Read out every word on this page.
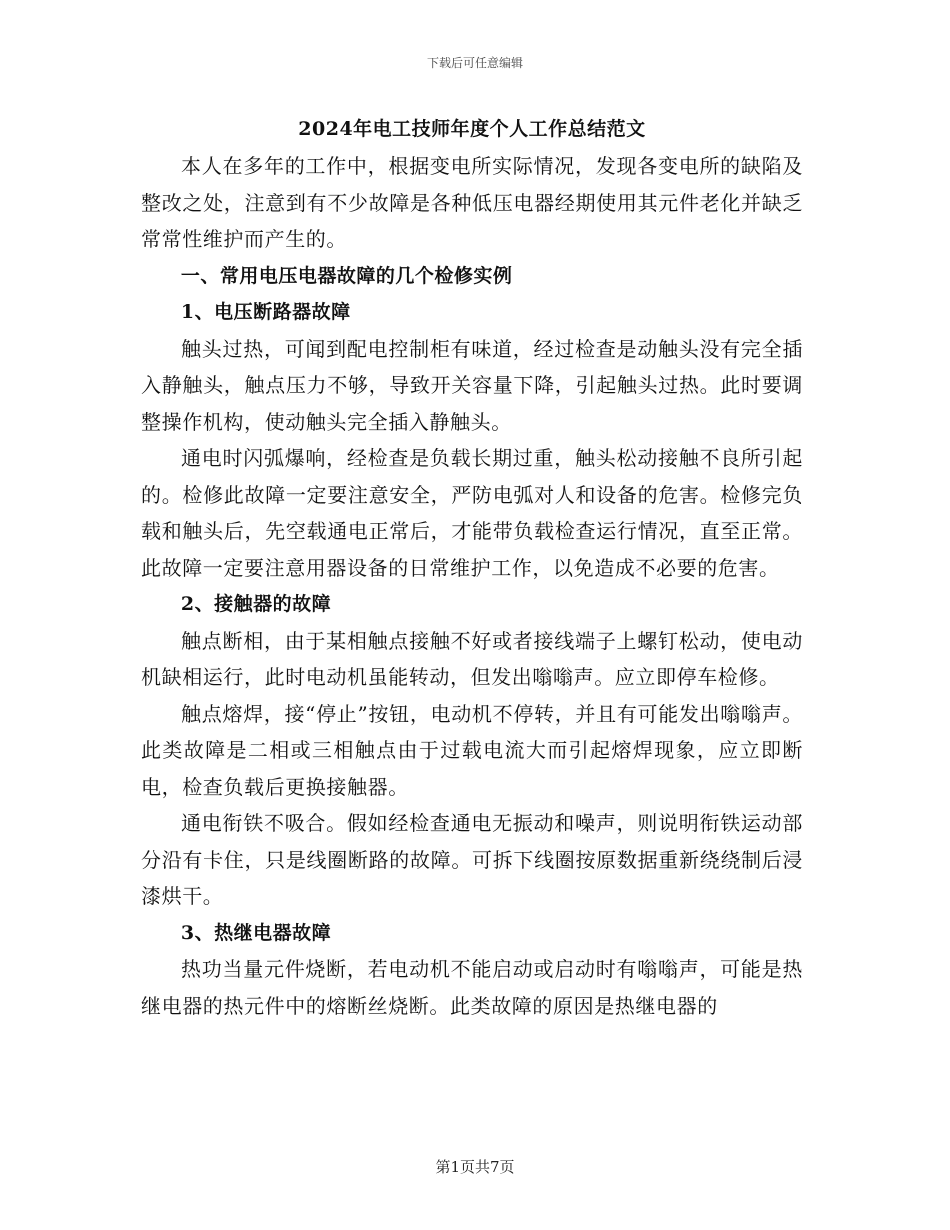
下载后可任意编辑
2024年电工技师年度个人工作总结范文

本人在多年的工作中，根据变电所实际情况，发现各变电所的缺陷及整改之处，注意到有不少故障是各种低压电器经期使用其元件老化并缺乏常常性维护而产生的。

一、常用电压电器故障的几个检修实例

1、电压断路器故障

触头过热，可闻到配电控制柜有味道，经过检查是动触头没有完全插入静触头，触点压力不够，导致开关容量下降，引起触头过热。此时要调整操作机构，使动触头完全插入静触头。

通电时闪弧爆响，经检查是负载长期过重，触头松动接触不良所引起的。检修此故障一定要注意安全，严防电弧对人和设备的危害。检修完负载和触头后，先空载通电正常后，才能带负载检查运行情况，直至正常。此故障一定要注意用器设备的日常维护工作，以免造成不必要的危害。

2、接触器的故障

触点断相，由于某相触点接触不好或者接线端子上螺钉松动，使电动机缺相运行，此时电动机虽能转动，但发出嗡嗡声。应立即停车检修。

触点熔焊，接“停止”按钮，电动机不停转，并且有可能发出嗡嗡声。此类故障是二相或三相触点由于过载电流大而引起熔焊现象，应立即断电，检查负载后更换接触器。

通电衔铁不吸合。假如经检查通电无振动和噪声，则说明衔铁运动部分沿有卡住，只是线圈断路的故障。可拆下线圈按原数据重新绕绕制后浸漆烘干。

3、热继电器故障

热功当量元件烧断，若电动机不能启动或启动时有嗡嗡声，可能是热继电器的热元件中的熔断丝烧断。此类故障的原因是热继电器的

第1页共7页
